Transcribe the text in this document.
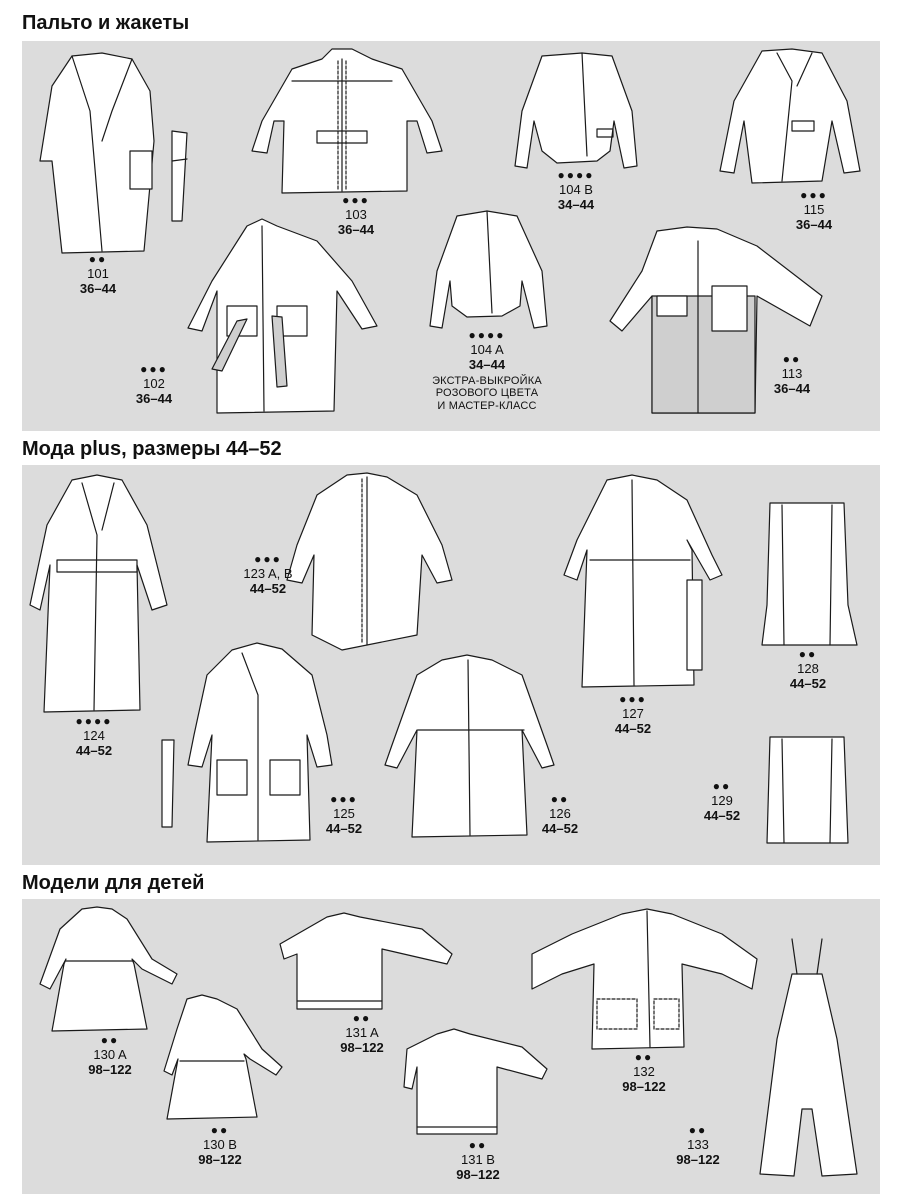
Пальто и жакеты
●●
101
36–44
●●●
102
36–44
●●●
103
36–44
●●●●
104 A
34–44
ЭКСТРА-ВЫКРОЙКА
РОЗОВОГО ЦВЕТА
И МАСТЕР-КЛАСС
●●●●
104 B
34–44
●●
113
36–44
●●●
115
36–44
Мода plus, размеры 44–52
●●●●
124
44–52
●●●
123 A, B
44–52
●●●
125
44–52
●●
126
44–52
●●●
127
44–52
●●
128
44–52
●●
129
44–52
Модели для детей
●●
130 A
98–122
●●
130 B
98–122
●●
131 A
98–122
●●
131 B
98–122
●●
132
98–122
●●
133
98–122
